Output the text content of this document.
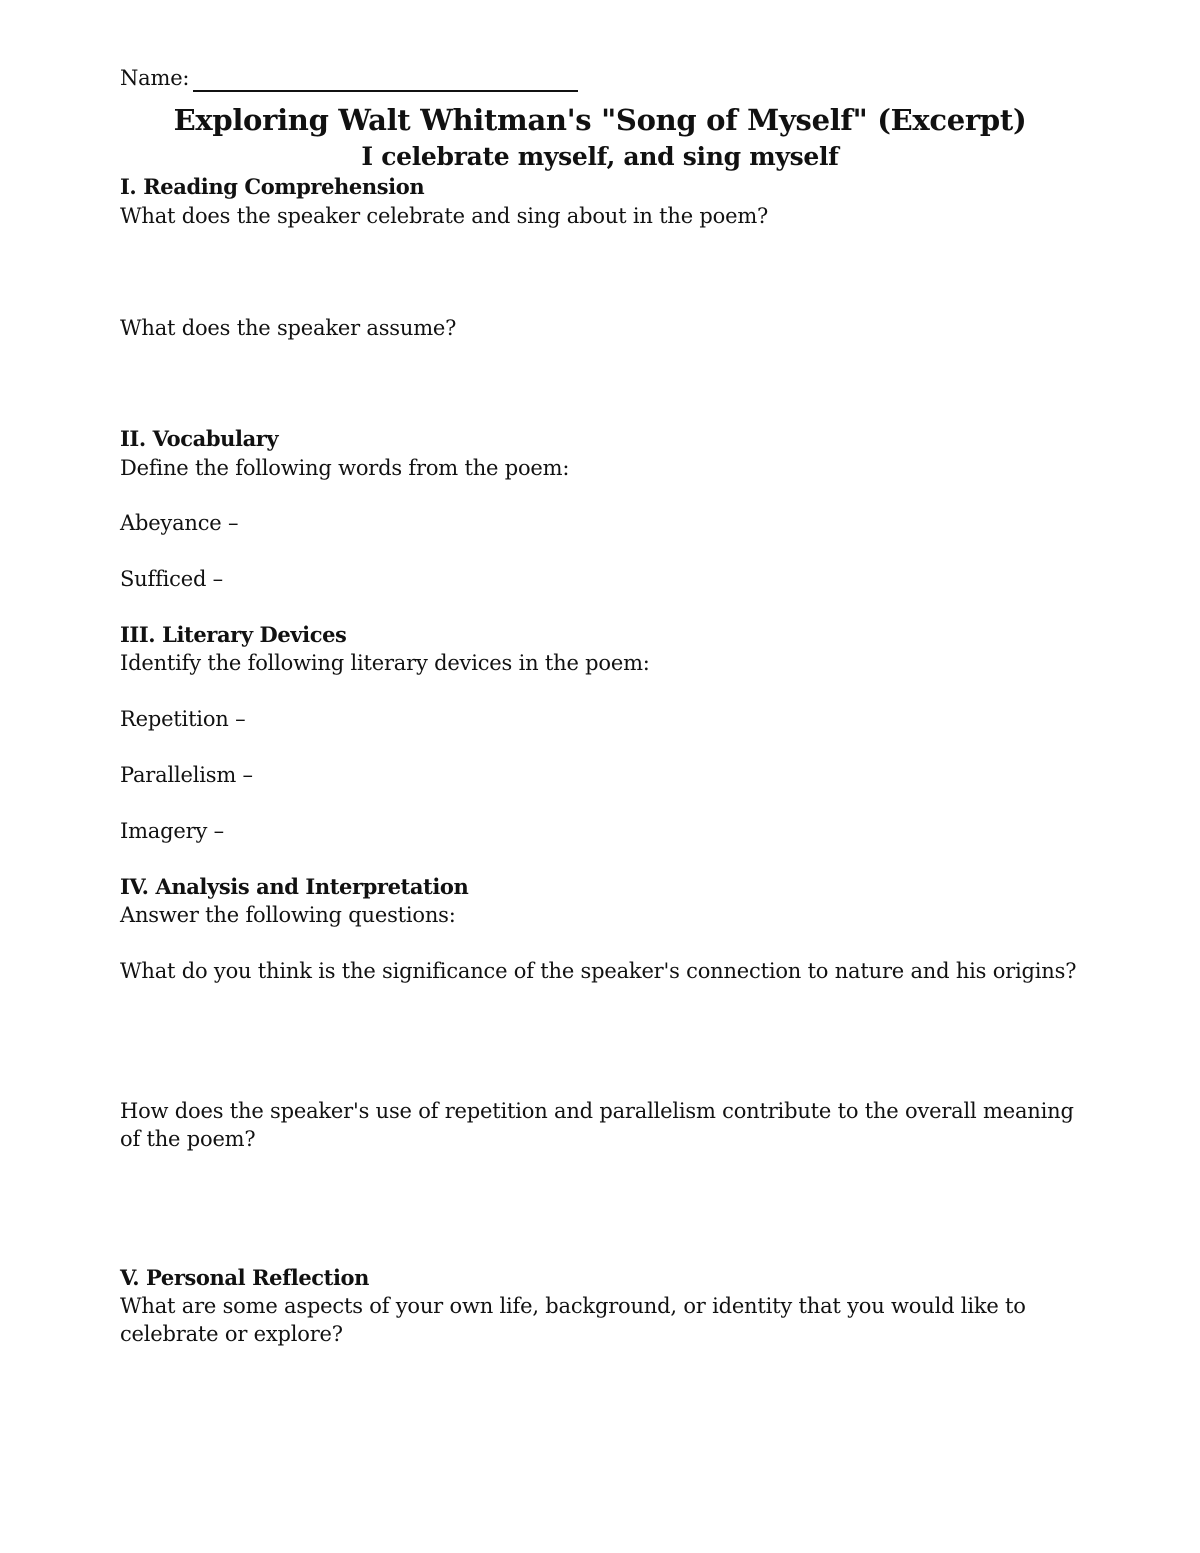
Name:
Exploring Walt Whitman's "Song of Myself" (Excerpt)
I celebrate myself, and sing myself
I. Reading Comprehension
What does the speaker celebrate and sing about in the poem?
What does the speaker assume?
II. Vocabulary
Define the following words from the poem:
Abeyance –
Sufficed –
III. Literary Devices
Identify the following literary devices in the poem:
Repetition –
Parallelism –
Imagery –
IV. Analysis and Interpretation
Answer the following questions:
What do you think is the significance of the speaker's connection to nature and his origins?
How does the speaker's use of repetition and parallelism contribute to the overall meaning
of the poem?
V. Personal Reflection
What are some aspects of your own life, background, or identity that you would like to
celebrate or explore?
